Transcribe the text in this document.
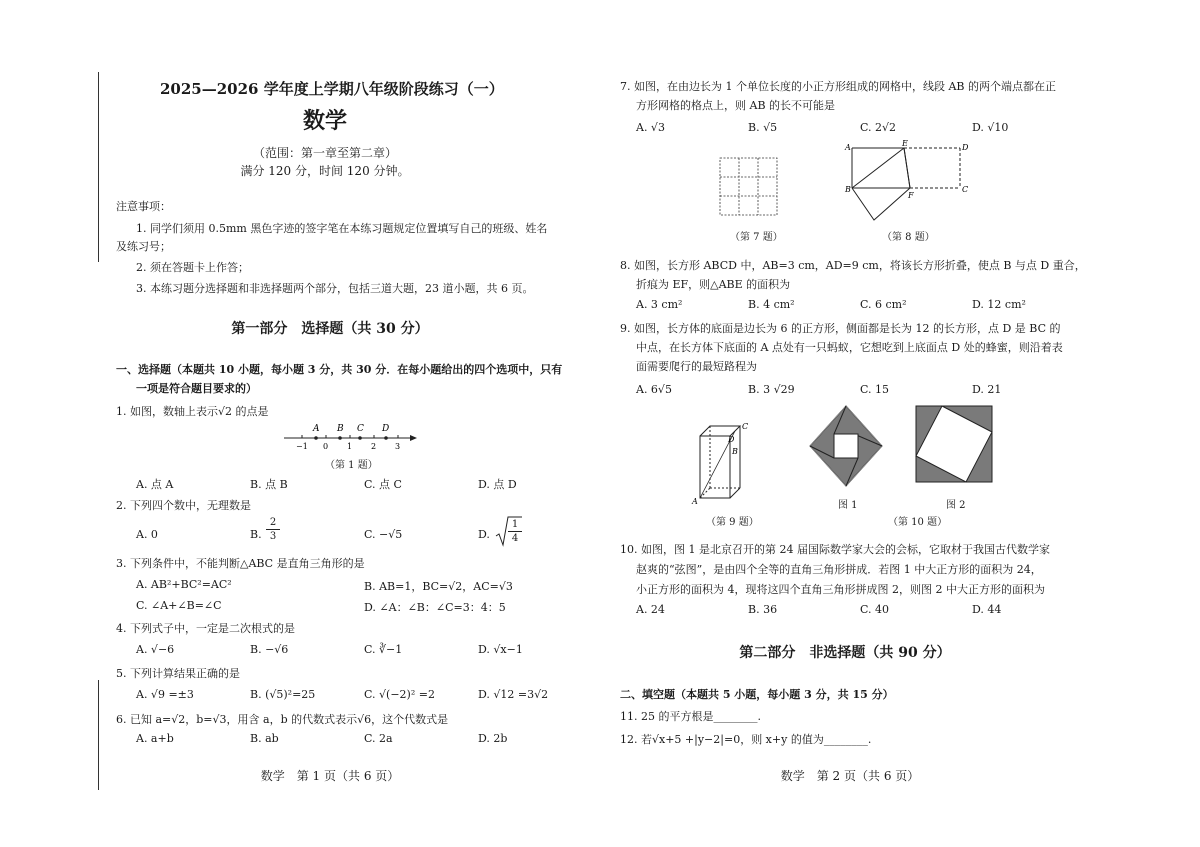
2025—2026 学年度上学期八年级阶段练习（一）
数学
（范围：第一章至第二章）
满分 120 分，时间 120 分钟。
注意事项：
1. 同学们须用 0.5mm 黑色字迹的签字笔在本练习题规定位置填写自己的班级、姓名
及练习号；
2. 须在答题卡上作答；
3. 本练习题分选择题和非选择题两个部分，包括三道大题，23 道小题，共 6 页。
第一部分　选择题（共 30 分）
一、选择题（本题共 10 小题，每小题 3 分，共 30 分．在每小题给出的四个选项中，只有
一项是符合题目要求的）
1. 如图，数轴上表示√2 的点是
A B C D
−1 0 1 2 3
（第 1 题）
A. 点 A	B. 点 B	C. 点 C	D. 点 D
2. 下列四个数中，无理数是
A. 0	B. $\frac{2}{3}$	C. −√5	D. $\frac{1}{4}$
3. 下列条件中，不能判断△ABC 是直角三角形的是
A. AB²+BC²=AC²	B. AB=1，BC=√2，AC=√3
C. ∠A+∠B=∠C	D. ∠A：∠B：∠C=3：4：5
4. 下列式子中，一定是二次根式的是
A. √−6	B. −√6	C. ∛−1	D. √x−1
5. 下列计算结果正确的是
A. √9 =±3	B. (√5)²=25	C. √(−2)² =2	D. √12 =3√2
6. 已知 a=√2，b=√3，用含 a，b 的代数式表示√6，这个代数式是
A. a+b	B. ab	C. 2a	D. 2b
数学　第 1 页（共 6 页）
7. 如图，在由边长为 1 个单位长度的小正方形组成的网格中，线段 AB 的两个端点都在正
方形网格的格点上，则 AB 的长不可能是
A. √3	B. √5	C. 2√2	D. √10
（第 7 题）
A	E	D
B
F
C
（第 8 题）
8. 如图，长方形 ABCD 中，AB=3 cm，AD=9 cm，将该长方形折叠，使点 B 与点 D 重合，
折痕为 EF，则△ABE 的面积为
A. 3 cm²	B. 4 cm²	C. 6 cm²	D. 12 cm²
9. 如图，长方体的底面是边长为 6 的正方形，侧面都是长为 12 的长方形，点 D 是 BC 的
中点，在长方体下底面的 A 点处有一只蚂蚁，它想吃到上底面点 D 处的蜂蜜，则沿着表
面需要爬行的最短路程为
A. 6√5	B. 3 √29	C. 15	D. 21
C
D
B
A
（第 9 题）
图 1	图 2
（第 10 题）
10. 如图，图 1 是北京召开的第 24 届国际数学家大会的会标，它取材于我国古代数学家
赵爽的“弦图”，是由四个全等的直角三角形拼成．若图 1 中大正方形的面积为 24，
小正方形的面积为 4，现将这四个直角三角形拼成图 2，则图 2 中大正方形的面积为
A. 24	B. 36	C. 40	D. 44
第二部分　非选择题（共 90 分）
二、填空题（本题共 5 小题，每小题 3 分，共 15 分）
11. 25 的平方根是________.
12. 若√x+5 +|y−2|=0，则 x+y 的值为________.
数学　第 2 页（共 6 页）
